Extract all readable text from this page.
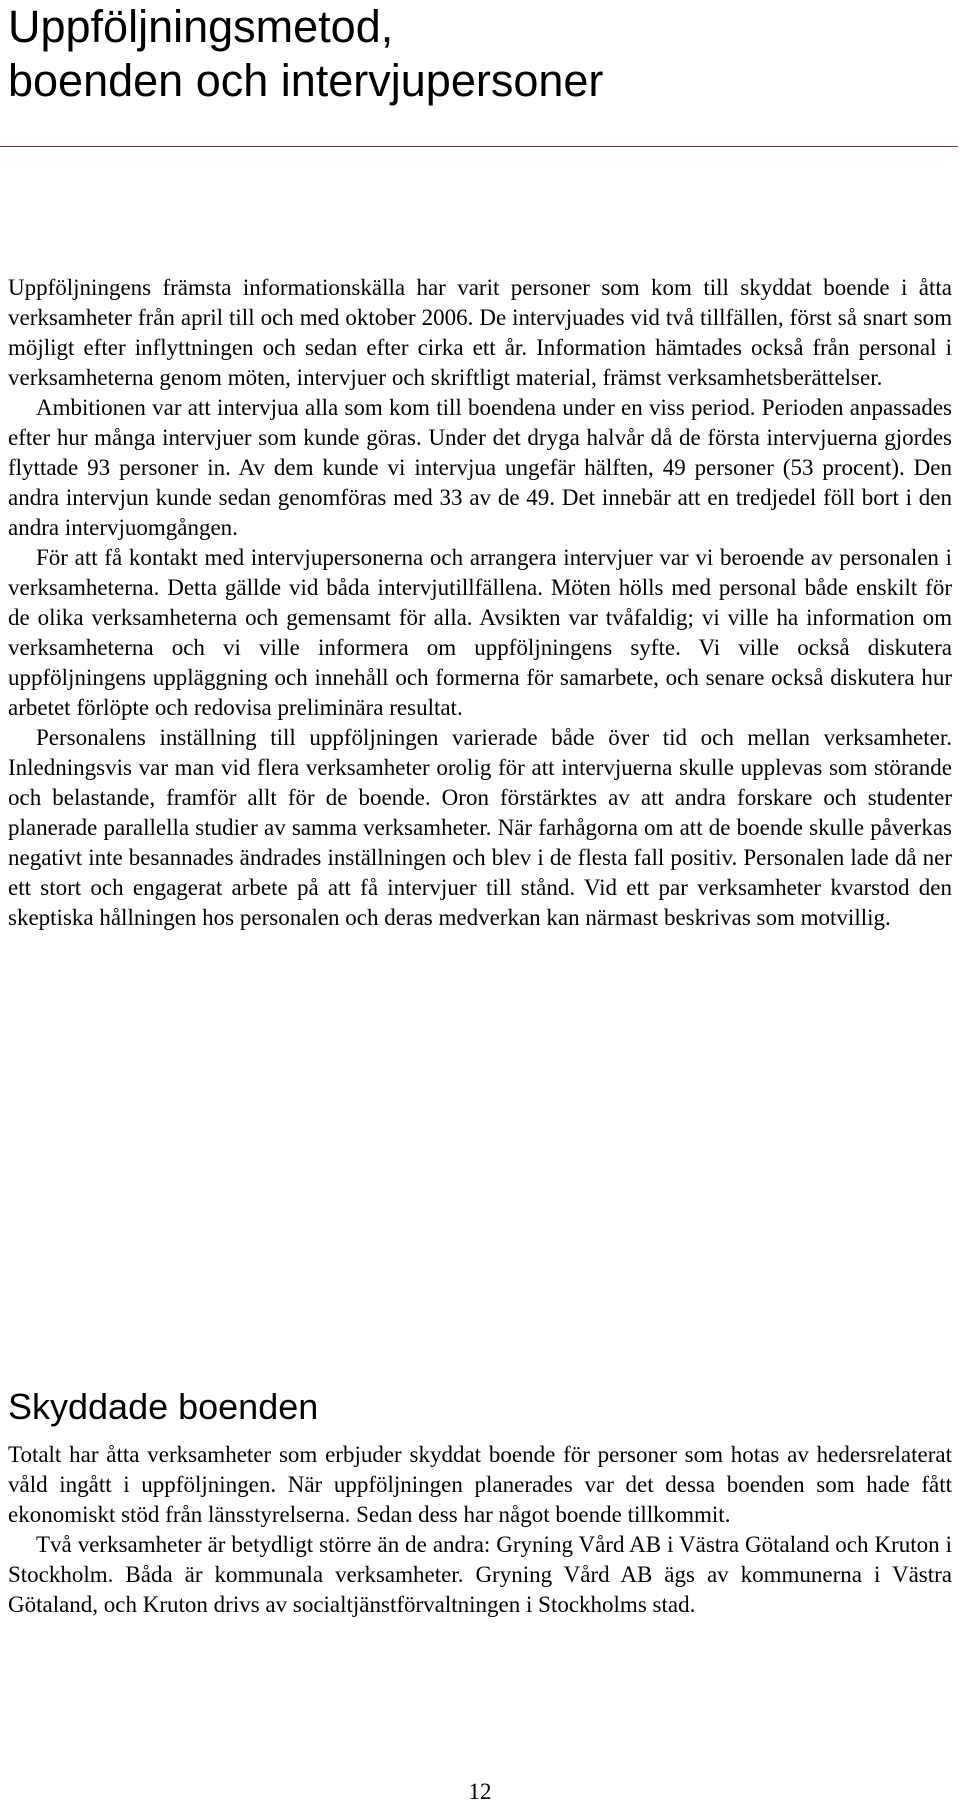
Uppföljningsmetod,
boenden och intervjupersoner

Uppföljningens främsta informationskälla har varit personer som kom till skyddat boende i åtta verksamheter från april till och med oktober 2006. De intervjuades vid två tillfällen, först så snart som möjligt efter inflyttningen och sedan efter cirka ett år. Information hämtades också från personal i verksamheterna genom möten, intervjuer och skriftligt material, främst verksamhetsberättelser.

Ambitionen var att intervjua alla som kom till boendena under en viss period. Perioden anpassades efter hur många intervjuer som kunde göras. Under det dryga halvår då de första intervjuerna gjordes flyttade 93 personer in. Av dem kunde vi intervjua ungefär hälften, 49 personer (53 procent). Den andra intervjun kunde sedan genomföras med 33 av de 49. Det innebär att en tredjedel föll bort i den andra intervjuomgången.

För att få kontakt med intervjupersonerna och arrangera intervjuer var vi beroende av personalen i verksamheterna. Detta gällde vid båda intervjutillfällena. Möten hölls med personal både enskilt för de olika verksamheterna och gemensamt för alla. Avsikten var tvåfaldig; vi ville ha information om verksamheterna och vi ville informera om uppföljningens syfte. Vi ville också diskutera uppföljningens uppläggning och innehåll och formerna för samarbete, och senare också diskutera hur arbetet förlöpte och redovisa preliminära resultat.

Personalens inställning till uppföljningen varierade både över tid och mellan verksamheter. Inledningsvis var man vid flera verksamheter orolig för att intervjuerna skulle upplevas som störande och belastande, framför allt för de boende. Oron förstärktes av att andra forskare och studenter planerade parallella studier av samma verksamheter. När farhågorna om att de boende skulle påverkas negativt inte besannades ändrades inställningen och blev i de flesta fall positiv. Personalen lade då ner ett stort och engagerat arbete på att få intervjuer till stånd. Vid ett par verksamheter kvarstod den skeptiska hållningen hos personalen och deras medverkan kan närmast beskrivas som motvillig.

Skyddade boenden

Totalt har åtta verksamheter som erbjuder skyddat boende för personer som hotas av hedersrelaterat våld ingått i uppföljningen. När uppföljningen planerades var det dessa boenden som hade fått ekonomiskt stöd från länsstyrelserna. Sedan dess har något boende tillkommit.

Två verksamheter är betydligt större än de andra: Gryning Vård AB i Västra Götaland och Kruton i Stockholm. Båda är kommunala verksamheter. Gryning Vård AB ägs av kommunerna i Västra Götaland, och Kruton drivs av socialtjänstförvaltningen i Stockholms stad.

12
